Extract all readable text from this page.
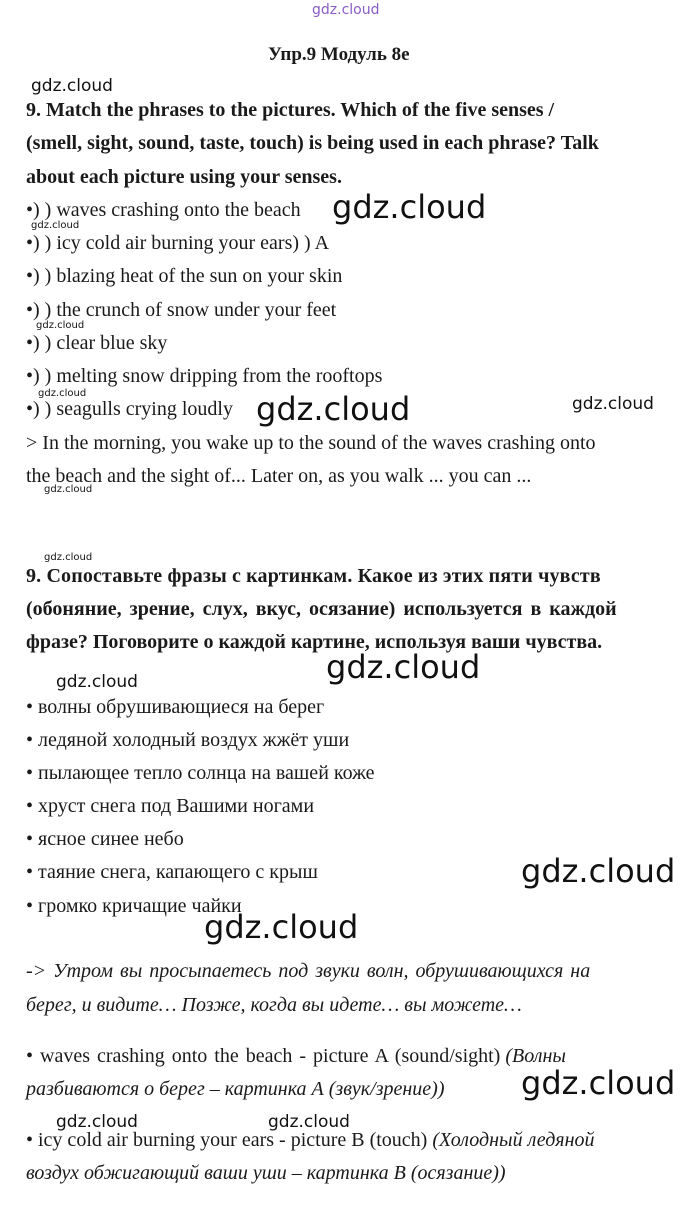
gdz.cloud
Упр.9 Модуль 8е
gdz.cloud
9. Match the phrases to the pictures. Which of the five senses /
(smell, sight, sound, taste, touch) is being used in each phrase? Talk
about each picture using your senses.
•) ) waves crashing onto the beach gdz.cloud
gdz.cloud
•) ) icy cold air burning your ears) ) A
•) ) blazing heat of the sun on your skin
•) ) the crunch of snow under your feet
gdz.cloud
•) ) clear blue sky
•) ) melting snow dripping from the rooftops
gdz.cloud
•) ) seagulls crying loudly gdz.cloud	gdz.cloud
> In the morning, you wake up to the sound of the waves crashing onto
the beach and the sight of... Later on, as you walk ... you can ...
gdz.cloud
gdz.cloud
9. Сопоставьте фразы с картинкам. Какое из этих пяти чувств
(обоняние, зрение, слух, вкус, осязание) используется в каждой
фразе? Поговорите о каждой картине, используя ваши чувства.
gdz.cloud
gdz.cloud
• волны обрушивающиеся на берег
• ледяной холодный воздух жжёт уши
• пылающее тепло солнца на вашей коже
• хруст снега под Вашими ногами
• ясное синее небо
• таяние снега, капающего с крыш	gdz.cloud
• громко кричащие чайки
gdz.cloud
-> Утром вы просыпаетесь под звуки волн, обрушивающихся на
берег, и видите… Позже, когда вы идете… вы можете…
• waves crashing onto the beach - picture A (sound/sight) (Волны
разбиваются о берег – картинка А (звук/зрение)) gdz.cloud
gdz.cloud	gdz.cloud
• icy cold air burning your ears - picture B (touch) (Холодный ледяной
воздух обжигающий ваши уши – картинка В (осязание))
